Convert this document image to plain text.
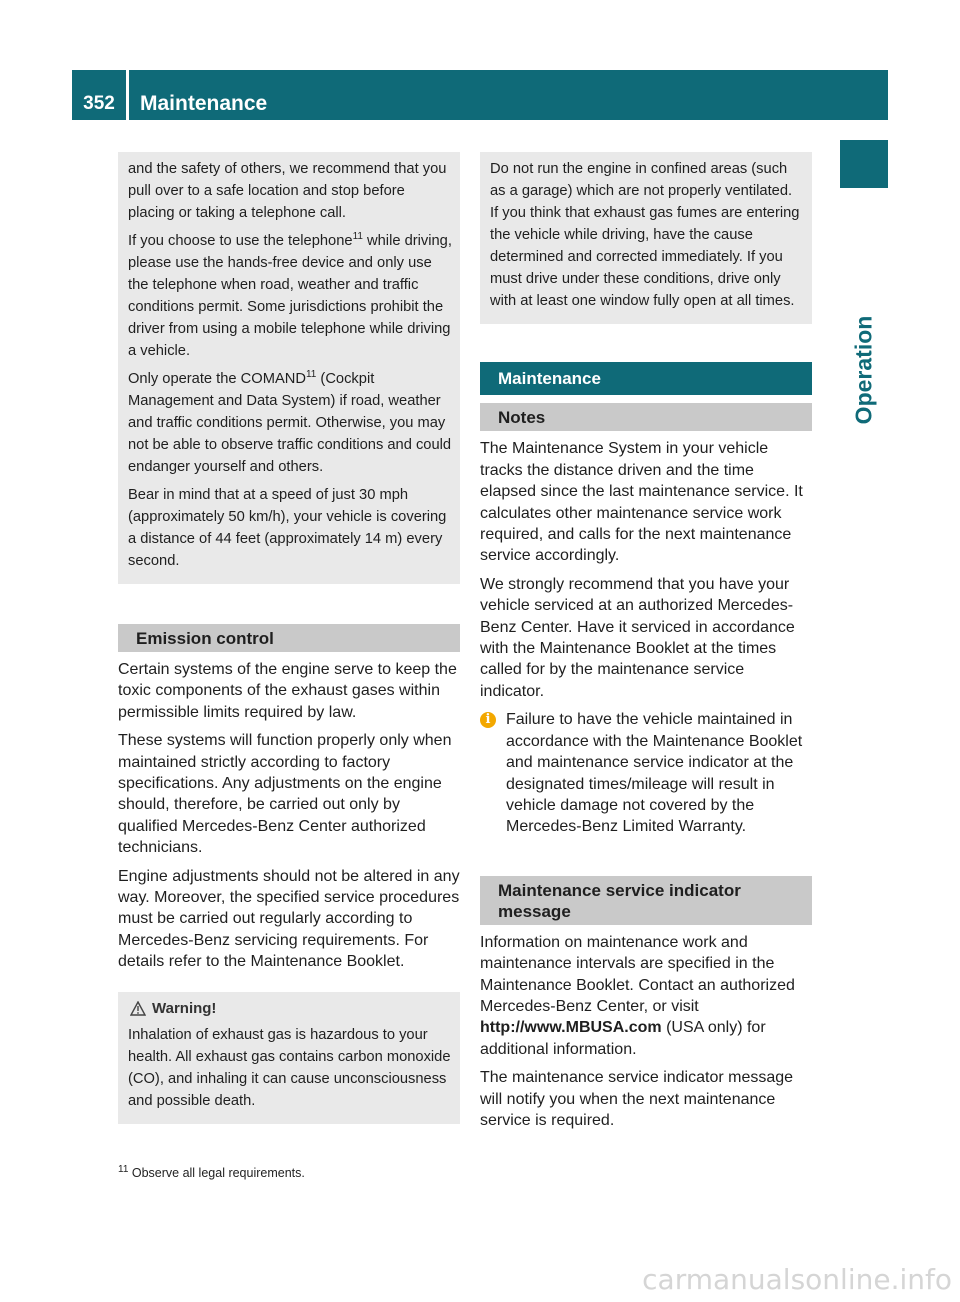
352	Maintenance
Operation

and the safety of others, we recommend that you pull over to a safe location and stop before placing or taking a telephone call.

If you choose to use the telephone$^{11}$ while driving, please use the hands-free device and only use the telephone when road, weather and traffic conditions permit. Some jurisdictions prohibit the driver from using a mobile telephone while driving a vehicle.

Only operate the COMAND$^{11}$ (Cockpit Management and Data System) if road, weather and traffic conditions permit. Otherwise, you may not be able to observe traffic conditions and could endanger yourself and others.

Bear in mind that at a speed of just 30 mph (approximately 50 km/h), your vehicle is covering a distance of 44 feet (approximately 14 m) every second.

Emission control

Certain systems of the engine serve to keep the toxic components of the exhaust gases within permissible limits required by law.

These systems will function properly only when maintained strictly according to factory specifications. Any adjustments on the engine should, therefore, be carried out only by qualified Mercedes-Benz Center authorized technicians.

Engine adjustments should not be altered in any way. Moreover, the specified service procedures must be carried out regularly according to Mercedes-Benz servicing requirements. For details refer to the Maintenance Booklet.

Warning!

Inhalation of exhaust gas is hazardous to your health. All exhaust gas contains carbon monoxide (CO), and inhaling it can cause unconsciousness and possible death.

Do not run the engine in confined areas (such as a garage) which are not properly ventilated. If you think that exhaust gas fumes are entering the vehicle while driving, have the cause determined and corrected immediately. If you must drive under these conditions, drive only with at least one window fully open at all times.

Maintenance
Notes

The Maintenance System in your vehicle tracks the distance driven and the time elapsed since the last maintenance service. It calculates other maintenance service work required, and calls for the next maintenance service accordingly.

We strongly recommend that you have your vehicle serviced at an authorized Mercedes-Benz Center. Have it serviced in accordance with the Maintenance Booklet at the times called for by the maintenance service indicator.

i Failure to have the vehicle maintained in accordance with the Maintenance Booklet and maintenance service indicator at the designated times/mileage will result in vehicle damage not covered by the Mercedes-Benz Limited Warranty.
Maintenance service indicator message

Information on maintenance work and maintenance intervals are specified in the Maintenance Booklet. Contact an authorized Mercedes-Benz Center, or visit http://www.MBUSA.com (USA only) for additional information.

The maintenance service indicator message will notify you when the next maintenance service is required.

$^{11}$ Observe all legal requirements.
carmanualsonline.info
